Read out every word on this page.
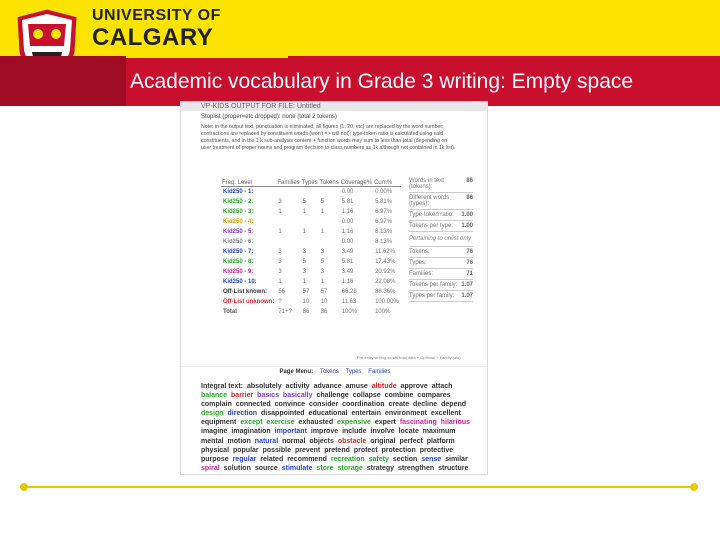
UNIVERSITY OF
CALGARY
Academic vocabulary in Grade 3 writing: Empty space
VP-KIDS OUTPUT FOR FILE: Untitled
Stoplist (proper=etc dropped): none (total 2 tokens)
Note: in the output text, punctuation is eliminated; all figures (1, 20, etc) are replaced by the word number; contractions are replaced by constituent words (won't => will not); type-token ratio is calculated using said constituents, and in the 1 k sub-analysis content + function words may sum to less than total (depending on user treatment of proper nouns and program decision to class numbers as 1k although not contained in 1k list).
Freq. Level	Families	Types	Tokens	Coverage%	Cum%
Kid250 - 1:				0.00	0.00%
Kid250 - 2:	3	5	5	5.81	5.81%
Kid250 - 3:	1	1	1	1.16	6.97%
Kid250 - 4:				0.00	6.97%
Kid250 - 5:	1	1	1	1.16	8.13%
Kid250 - 6:				0.00	8.13%
Kid250 - 7:	3	3	3	3.49	11.62%
Kid250 - 8:	3	5	5	5.81	17.43%
Kid250 - 9:	3	3	3	3.49	20.92%
Kid250 - 10:	1	1	1	1.16	22.08%
Off-List known:	56	57	57	66.28	88.36%
Off-List unknown:	?	10	10	11.63	100.00%
Total	71+?	86	86	100%	100%
Words in text (tokens):
86
Different words (types):
86
Type-token ratio: 1.00
Tokens per type: 1.00
Pertaining to onlist only
Tokens:	76
Types:	76
Families:	71
Tokens per family: 1.07
Types per family: 1.07
Pre-entry writing as will total data + Optional + Family (alo)
Page Menu: Tokens Types Families
Integral text: absolutely activity advance amuse altitude approve attach balance barrier basics basically challenge collapse combine compares complain connected convince consider coordination create decline depend design direction disappointed educational entertain environment excellent equipment except exercise exhausted expensive expert fascinating hilarious imagine imagination important improve include involve locate maximum mental motion natural normal objects obstacle original perfect platform physical popular possible prevent pretend protect protection protective purpose regular related recommend recreation safety section sense similar spiral solution source stimulate store storage strategy strengthen structure
